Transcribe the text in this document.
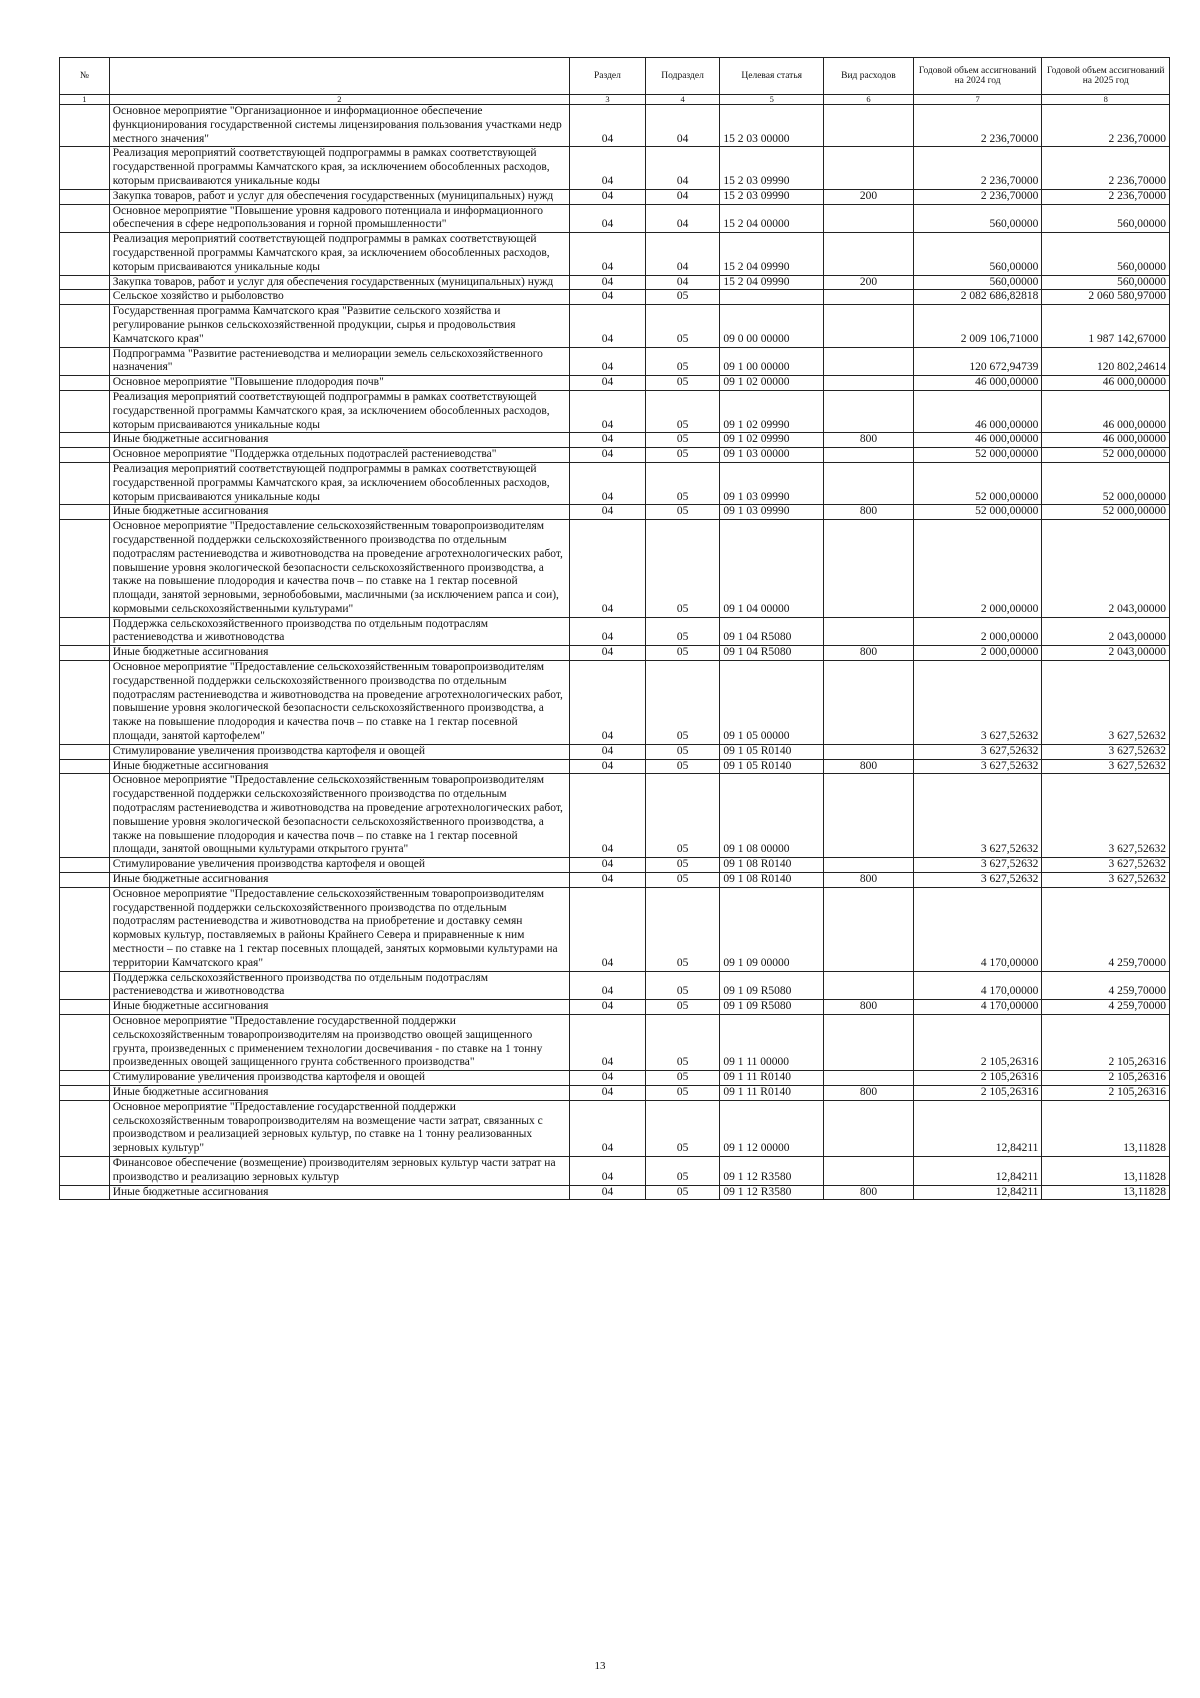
№		Раздел	Подраздел	Целевая статья	Вид расходов	Годовой объем ассигнований на 2024 год	Годовой объем ассигнований на 2025 год
1	2	3	4	5	6	7	8
	Основное мероприятие "Организационное и информационное обеспечение функционирования государственной системы лицензирования пользования участками недр местного значения"	04	04	15 2 03 00000		2 236,70000	2 236,70000
	Реализация мероприятий соответствующей подпрограммы в рамках соответствующей государственной программы Камчатского края, за исключением обособленных расходов, которым присваиваются уникальные коды	04	04	15 2 03 09990		2 236,70000	2 236,70000
	Закупка товаров, работ и услуг для обеспечения государственных (муниципальных) нужд	04	04	15 2 03 09990	200	2 236,70000	2 236,70000
	Основное мероприятие "Повышение уровня кадрового потенциала и информационного обеспечения в сфере недропользования и горной промышленности"	04	04	15 2 04 00000		560,00000	560,00000
	Реализация мероприятий соответствующей подпрограммы в рамках соответствующей государственной программы Камчатского края, за исключением обособленных расходов, которым присваиваются уникальные коды	04	04	15 2 04 09990		560,00000	560,00000
	Закупка товаров, работ и услуг для обеспечения государственных (муниципальных) нужд	04	04	15 2 04 09990	200	560,00000	560,00000
	Сельское хозяйство и рыболовство	04	05			2 082 686,82818	2 060 580,97000
	Государственная программа Камчатского края "Развитие сельского хозяйства и регулирование рынков сельскохозяйственной продукции, сырья и продовольствия Камчатского края"	04	05	09 0 00 00000		2 009 106,71000	1 987 142,67000
	Подпрограмма "Развитие растениеводства и мелиорации земель сельскохозяйственного назначения"	04	05	09 1 00 00000		120 672,94739	120 802,24614
	Основное мероприятие "Повышение плодородия почв"	04	05	09 1 02 00000		46 000,00000	46 000,00000
	Реализация мероприятий соответствующей подпрограммы в рамках соответствующей государственной программы Камчатского края, за исключением обособленных расходов, которым присваиваются уникальные коды	04	05	09 1 02 09990		46 000,00000	46 000,00000
	Иные бюджетные ассигнования	04	05	09 1 02 09990	800	46 000,00000	46 000,00000
	Основное мероприятие "Поддержка отдельных подотраслей растениеводства"	04	05	09 1 03 00000		52 000,00000	52 000,00000
	Реализация мероприятий соответствующей подпрограммы в рамках соответствующей государственной программы Камчатского края, за исключением обособленных расходов, которым присваиваются уникальные коды	04	05	09 1 03 09990		52 000,00000	52 000,00000
	Иные бюджетные ассигнования	04	05	09 1 03 09990	800	52 000,00000	52 000,00000
	Основное мероприятие "Предоставление сельскохозяйственным товаропроизводителям государственной поддержки сельскохозяйственного производства по отдельным подотраслям растениеводства и животноводства на проведение агротехнологических работ, повышение уровня экологической безопасности сельскохозяйственного производства, а также на повышение плодородия и качества почв – по ставке на 1 гектар посевной площади, занятой зерновыми, зернобобовыми, масличными (за исключением рапса и сои), кормовыми сельскохозяйственными культурами"	04	05	09 1 04 00000		2 000,00000	2 043,00000
	Поддержка сельскохозяйственного производства по отдельным подотраслям растениеводства и животноводства	04	05	09 1 04 R5080		2 000,00000	2 043,00000
	Иные бюджетные ассигнования	04	05	09 1 04 R5080	800	2 000,00000	2 043,00000
	Основное мероприятие "Предоставление сельскохозяйственным товаропроизводителям государственной поддержки сельскохозяйственного производства по отдельным подотраслям растениеводства и животноводства на проведение агротехнологических работ, повышение уровня экологической безопасности сельскохозяйственного производства, а также на повышение плодородия и качества почв – по ставке на 1 гектар посевной площади, занятой картофелем"	04	05	09 1 05 00000		3 627,52632	3 627,52632
	Стимулирование увеличения производства картофеля и овощей	04	05	09 1 05 R0140		3 627,52632	3 627,52632
	Иные бюджетные ассигнования	04	05	09 1 05 R0140	800	3 627,52632	3 627,52632
	Основное мероприятие "Предоставление сельскохозяйственным товаропроизводителям государственной поддержки сельскохозяйственного производства по отдельным подотраслям растениеводства и животноводства на проведение агротехнологических работ, повышение уровня экологической безопасности сельскохозяйственного производства, а также на повышение плодородия и качества почв – по ставке на 1 гектар посевной площади, занятой овощными культурами открытого грунта"	04	05	09 1 08 00000		3 627,52632	3 627,52632
	Стимулирование увеличения производства картофеля и овощей	04	05	09 1 08 R0140		3 627,52632	3 627,52632
	Иные бюджетные ассигнования	04	05	09 1 08 R0140	800	3 627,52632	3 627,52632
	Основное мероприятие "Предоставление сельскохозяйственным товаропроизводителям государственной поддержки сельскохозяйственного производства по отдельным подотраслям растениеводства и животноводства на приобретение и доставку семян кормовых культур, поставляемых в районы Крайнего Севера и приравненные к ним местности – по ставке на 1 гектар посевных площадей, занятых кормовыми культурами на территории Камчатского края"	04	05	09 1 09 00000		4 170,00000	4 259,70000
	Поддержка сельскохозяйственного производства по отдельным подотраслям растениеводства и животноводства	04	05	09 1 09 R5080		4 170,00000	4 259,70000
	Иные бюджетные ассигнования	04	05	09 1 09 R5080	800	4 170,00000	4 259,70000
	Основное мероприятие "Предоставление государственной поддержки сельскохозяйственным товаропроизводителям на производство овощей защищенного грунта, произведенных с применением технологии досвечивания - по ставке на 1 тонну произведенных овощей защищенного грунта собственного производства"	04	05	09 1 11 00000		2 105,26316	2 105,26316
	Стимулирование увеличения производства картофеля и овощей	04	05	09 1 11 R0140		2 105,26316	2 105,26316
	Иные бюджетные ассигнования	04	05	09 1 11 R0140	800	2 105,26316	2 105,26316
	Основное мероприятие "Предоставление государственной поддержки сельскохозяйственным товаропроизводителям на возмещение части затрат, связанных с производством и реализацией зерновых культур, по ставке на 1 тонну реализованных зерновых культур"	04	05	09 1 12 00000		12,84211	13,11828
	Финансовое обеспечение (возмещение) производителям зерновых культур части затрат на производство и реализацию зерновых культур	04	05	09 1 12 R3580		12,84211	13,11828
	Иные бюджетные ассигнования	04	05	09 1 12 R3580	800	12,84211	13,11828
13
